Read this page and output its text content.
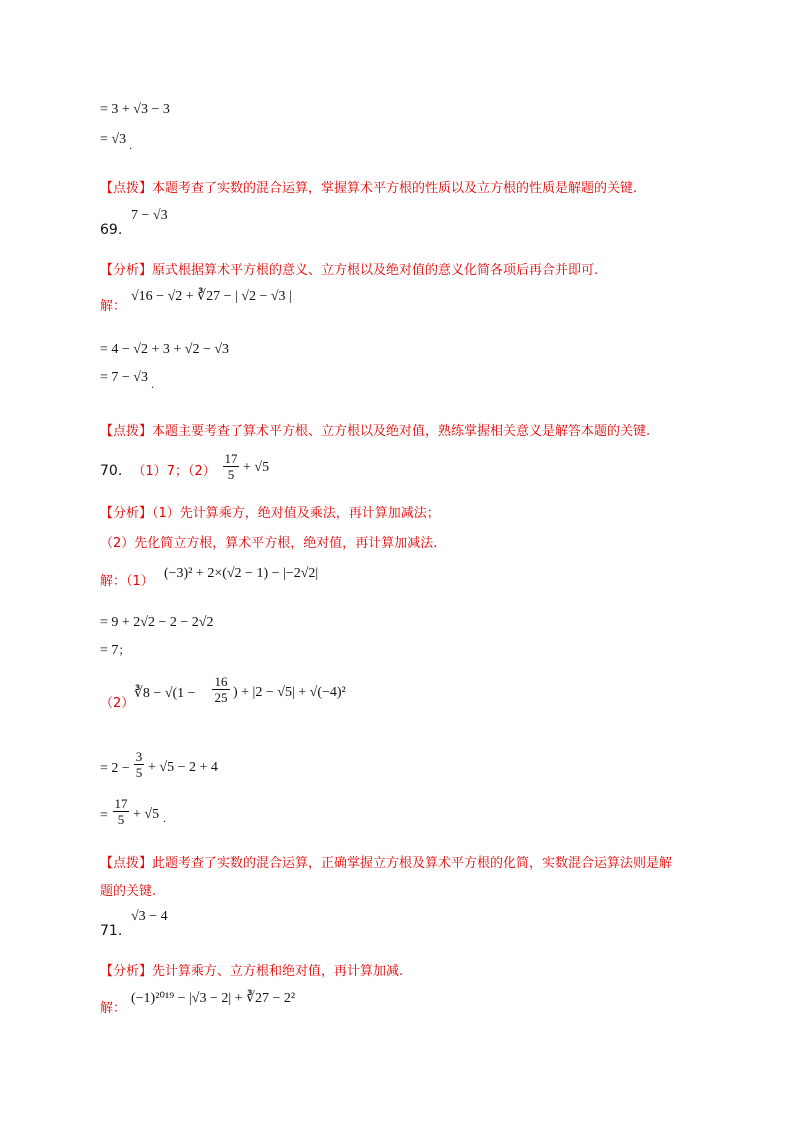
= 3 + √3 − 3
= √3 .
【点拨】本题考查了实数的混合运算，掌握算术平方根的性质以及立方根的性质是解题的关键.
69.
7 − √3
【分析】原式根据算术平方根的意义、立方根以及绝对值的意义化简各项后再合并即可.
解：
√16 − √2 + ∛27 − | √2 − √3 |
= 4 − √2 + 3 + √2 − √3
= 7 − √3 .
【点拨】本题主要考查了算术平方根、立方根以及绝对值，熟练掌握相关意义是解答本题的关键.
70. （1）7；（2）
17
5 + √5
【分析】（1）先计算乘方，绝对值及乘法，再计算加减法；
（2）先化简立方根，算术平方根，绝对值，再计算加减法.
解：（1）
(−3)² + 2×(√2 − 1) − |−2√2|
= 9 + 2√2 − 2 − 2√2
= 7；
（2）
∛8 − √(1 −
16
25 ) + |2 − √5| + √(−4)²
= 2 −
3
5 + √5 − 2 + 4
=
17
5 + √5 .
【点拨】此题考查了实数的混合运算，正确掌握立方根及算术平方根的化简，实数混合运算法则是解
题的关键.
71.
√3 − 4
【分析】先计算乘方、立方根和绝对值，再计算加减.
解：
(−1)²⁰¹⁹ − |√3 − 2| + ∛27 − 2²
